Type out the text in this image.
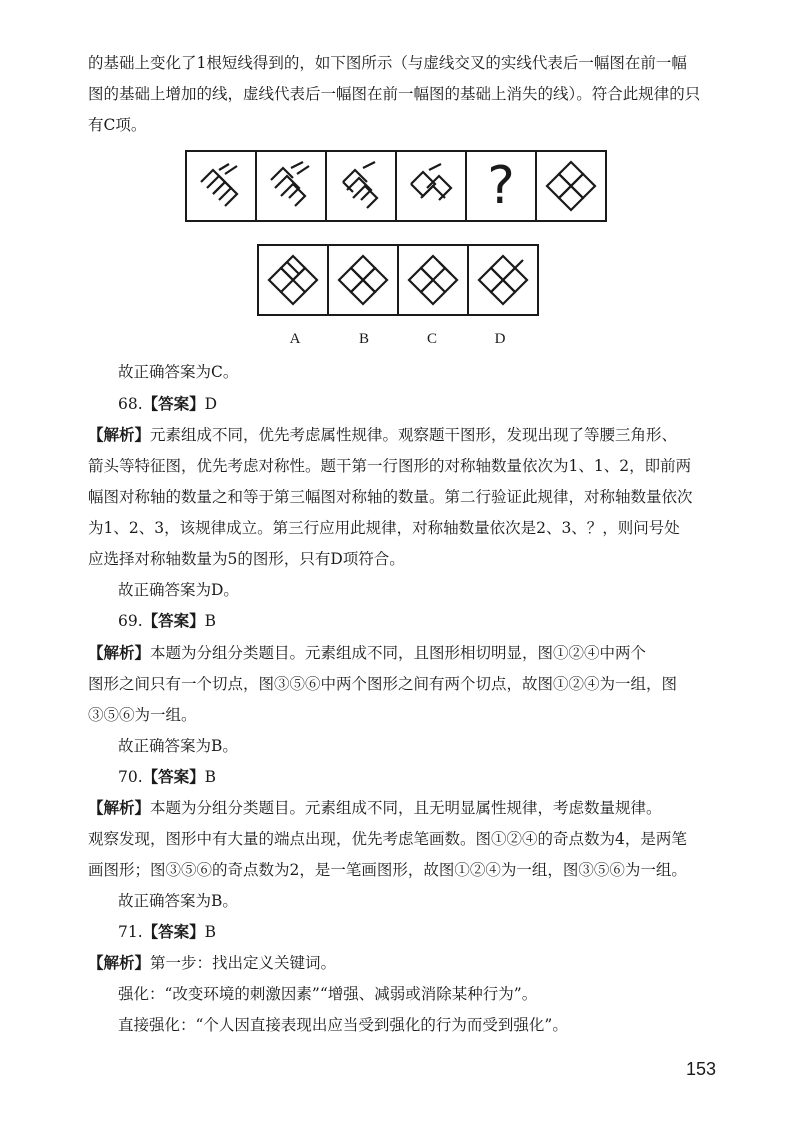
的基础上变化了1根短线得到的，如下图所示（与虚线交叉的实线代表后一幅图在前一幅
图的基础上增加的线，虚线代表后一幅图在前一幅图的基础上消失的线）。符合此规律的只
有C项。
?
A	B	C	D
故正确答案为C。
68.【答案】D
【解析】元素组成不同，优先考虑属性规律。观察题干图形，发现出现了等腰三角形、
箭头等特征图，优先考虑对称性。题干第一行图形的对称轴数量依次为1、1、2，即前两
幅图对称轴的数量之和等于第三幅图对称轴的数量。第二行验证此规律，对称轴数量依次
为1、2、3，该规律成立。第三行应用此规律，对称轴数量依次是2、3、？，则问号处
应选择对称轴数量为5的图形，只有D项符合。
故正确答案为D。
69.【答案】B
【解析】本题为分组分类题目。元素组成不同，且图形相切明显，图①②④中两个
图形之间只有一个切点，图③⑤⑥中两个图形之间有两个切点，故图①②④为一组，图
③⑤⑥为一组。
故正确答案为B。
70.【答案】B
【解析】本题为分组分类题目。元素组成不同，且无明显属性规律，考虑数量规律。
观察发现，图形中有大量的端点出现，优先考虑笔画数。图①②④的奇点数为4，是两笔
画图形；图③⑤⑥的奇点数为2，是一笔画图形，故图①②④为一组，图③⑤⑥为一组。
故正确答案为B。
71.【答案】B
【解析】第一步：找出定义关键词。
强化：“改变环境的刺激因素”“增强、减弱或消除某种行为”。
直接强化：“个人因直接表现出应当受到强化的行为而受到强化”。
153
